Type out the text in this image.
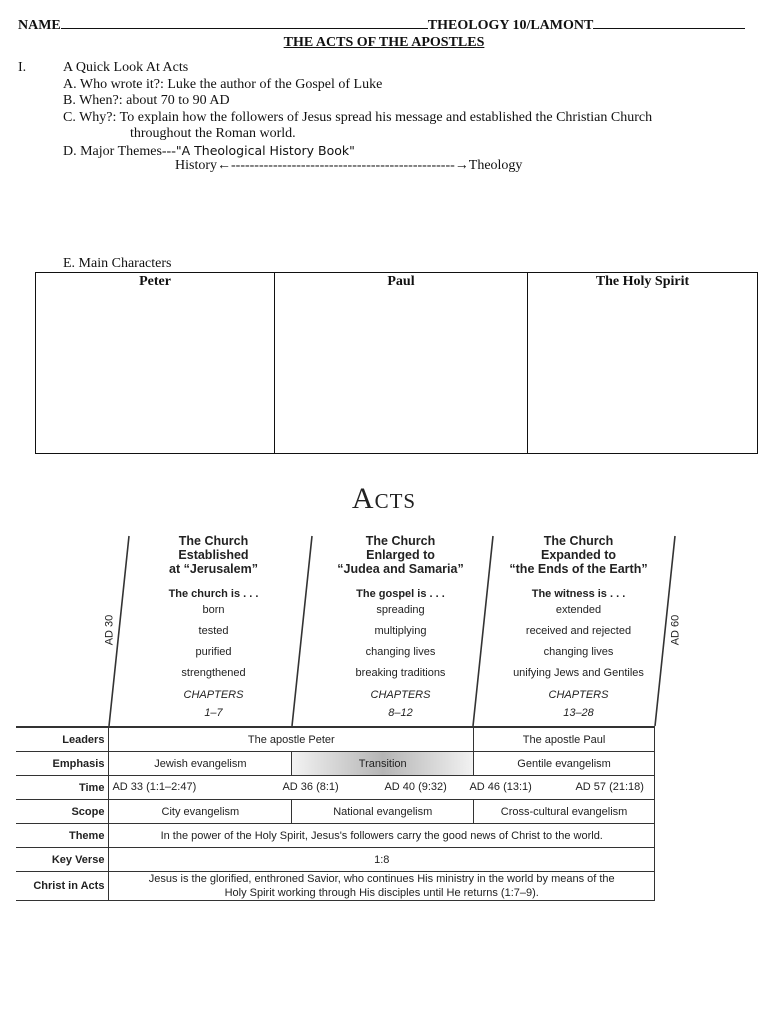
NAME	THEOLOGY 10/LAMONT
THE ACTS OF THE APOSTLES
I.	A Quick Look At Acts
A. Who wrote it?: Luke the author of the Gospel of Luke
B. When?: about 70 to 90 AD
C. Why?: To explain how the followers of Jesus spread his message and established the Christian Church
throughout the Roman world.
D. Major Themes---"A Theological History Book"
History←------------------------------------------------→Theology
E. Main Characters
Peter	Paul	The Holy Spirit
Acts
AD 30	AD 60
The Church
Established
at “Jerusalem”
The church is . . .
born
tested
purified
strengthened
CHAPTERS
1–7
The Church
Enlarged to
“Judea and Samaria”
The gospel is . . .
spreading
multiplying
changing lives
breaking traditions
CHAPTERS
8–12
The Church
Expanded to
“the Ends of the Earth”
The witness is . . .
extended
received and rejected
changing lives
unifying Jews and Gentiles
CHAPTERS
13–28
Leaders	The apostle Peter		The apostle Paul
Emphasis	Jewish evangelism	Transition	Gentile evangelism
Time	AD 33 (1:1–2:47) AD 36 (8:1) AD 40 (9:32) AD 46 (13:1) AD 57 (21:18)		

Scope	City evangelism	National evangelism	Cross-cultural evangelism
Theme	In the power of the Holy Spirit, Jesus's followers carry the good news of Christ to the world.		
Key Verse	1:8		
Christ in Acts	Jesus is the glorified, enthroned Savior, who continues His ministry in the world by means of the
Holy Spirit working through His disciples until He returns (1:7–9).		
